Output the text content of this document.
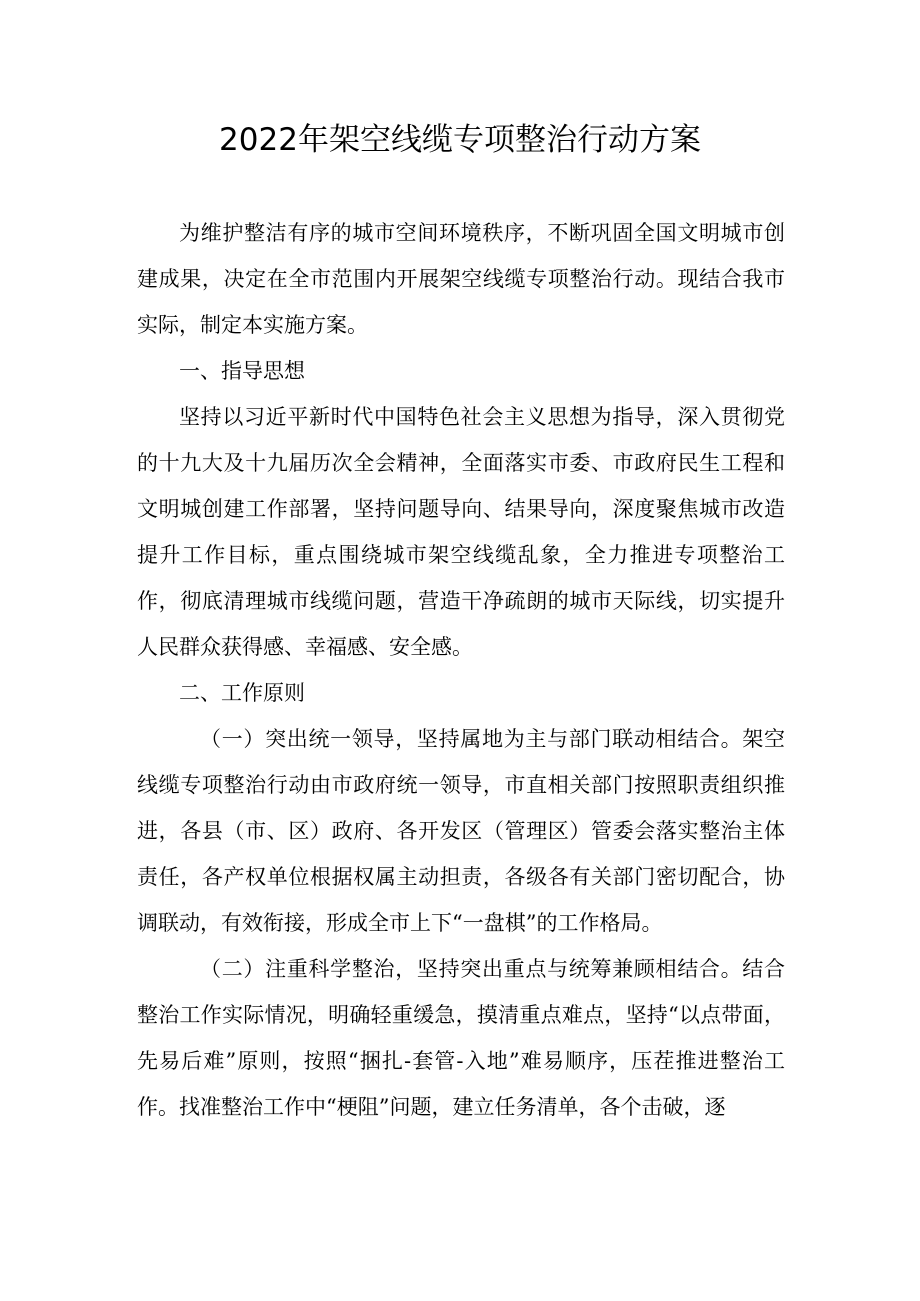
2022年架空线缆专项整治行动方案

为维护整洁有序的城市空间环境秩序，不断巩固全国文明城市创建成果，决定在全市范围内开展架空线缆专项整治行动。现结合我市实际，制定本实施方案。

一、指导思想

坚持以习近平新时代中国特色社会主义思想为指导，深入贯彻党的十九大及十九届历次全会精神，全面落实市委、市政府民生工程和文明城创建工作部署，坚持问题导向、结果导向，深度聚焦城市改造提升工作目标，重点围绕城市架空线缆乱象，全力推进专项整治工作，彻底清理城市线缆问题，营造干净疏朗的城市天际线，切实提升人民群众获得感、幸福感、安全感。

二、工作原则

（一）突出统一领导，坚持属地为主与部门联动相结合。架空线缆专项整治行动由市政府统一领导，市直相关部门按照职责组织推进，各县（市、区）政府、各开发区（管理区）管委会落实整治主体责任，各产权单位根据权属主动担责，各级各有关部门密切配合，协调联动，有效衔接，形成全市上下“一盘棋”的工作格局。

（二）注重科学整治，坚持突出重点与统筹兼顾相结合。结合整治工作实际情况，明确轻重缓急，摸清重点难点，坚持“以点带面，先易后难”原则，按照“捆扎-套管-入地”难易顺序，压茬推进整治工作。找准整治工作中“梗阻”问题，建立任务清单，各个击破，逐
